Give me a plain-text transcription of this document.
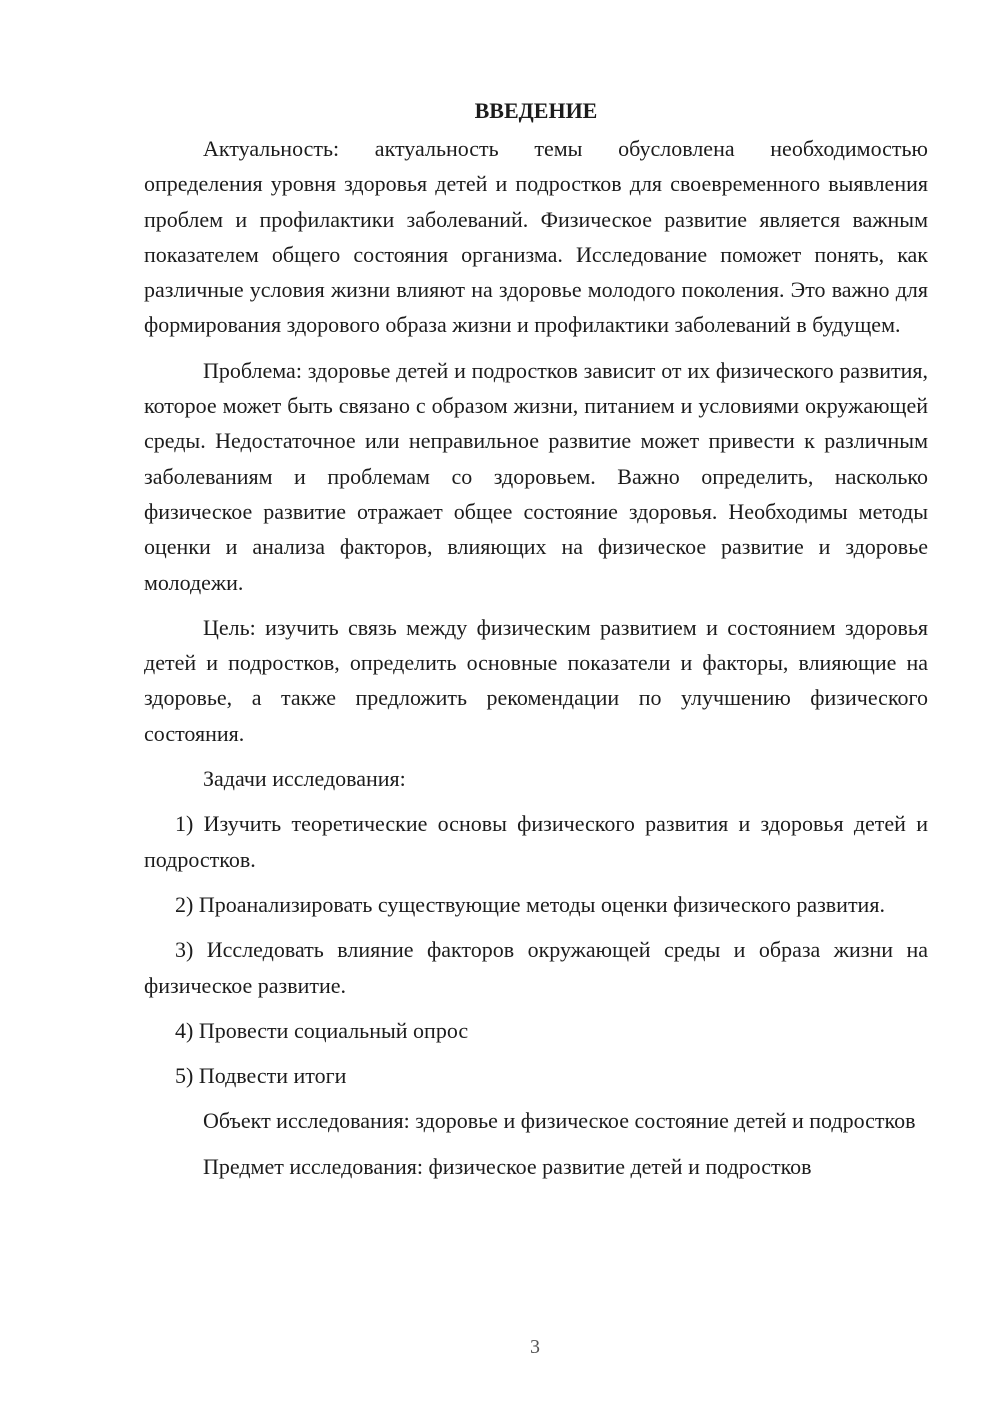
ВВЕДЕНИЕ

Актуальность: актуальность темы обусловлена необходимостью определения уровня здоровья детей и подростков для своевременного выявления проблем и профилактики заболеваний. Физическое развитие является важным показателем общего состояния организма. Исследование поможет понять, как различные условия жизни влияют на здоровье молодого поколения. Это важно для формирования здорового образа жизни и профилактики заболеваний в будущем.

Проблема: здоровье детей и подростков зависит от их физического развития, которое может быть связано с образом жизни, питанием и условиями окружающей среды. Недостаточное или неправильное развитие может привести к различным заболеваниям и проблемам со здоровьем. Важно определить, насколько физическое развитие отражает общее состояние здоровья. Необходимы методы оценки и анализа факторов, влияющих на физическое развитие и здоровье молодежи.

Цель: изучить связь между физическим развитием и состоянием здоровья детей и подростков, определить основные показатели и факторы, влияющие на здоровье, а также предложить рекомендации по улучшению физического состояния.

Задачи исследования:

1) Изучить теоретические основы физического развития и здоровья детей и подростков.

2) Проанализировать существующие методы оценки физического развития.

3) Исследовать влияние факторов окружающей среды и образа жизни на физическое развитие.

4) Провести социальный опрос

5) Подвести итоги

Объект исследования: здоровье и физическое состояние детей и подростков

Предмет исследования: физическое развитие детей и подростков

3
